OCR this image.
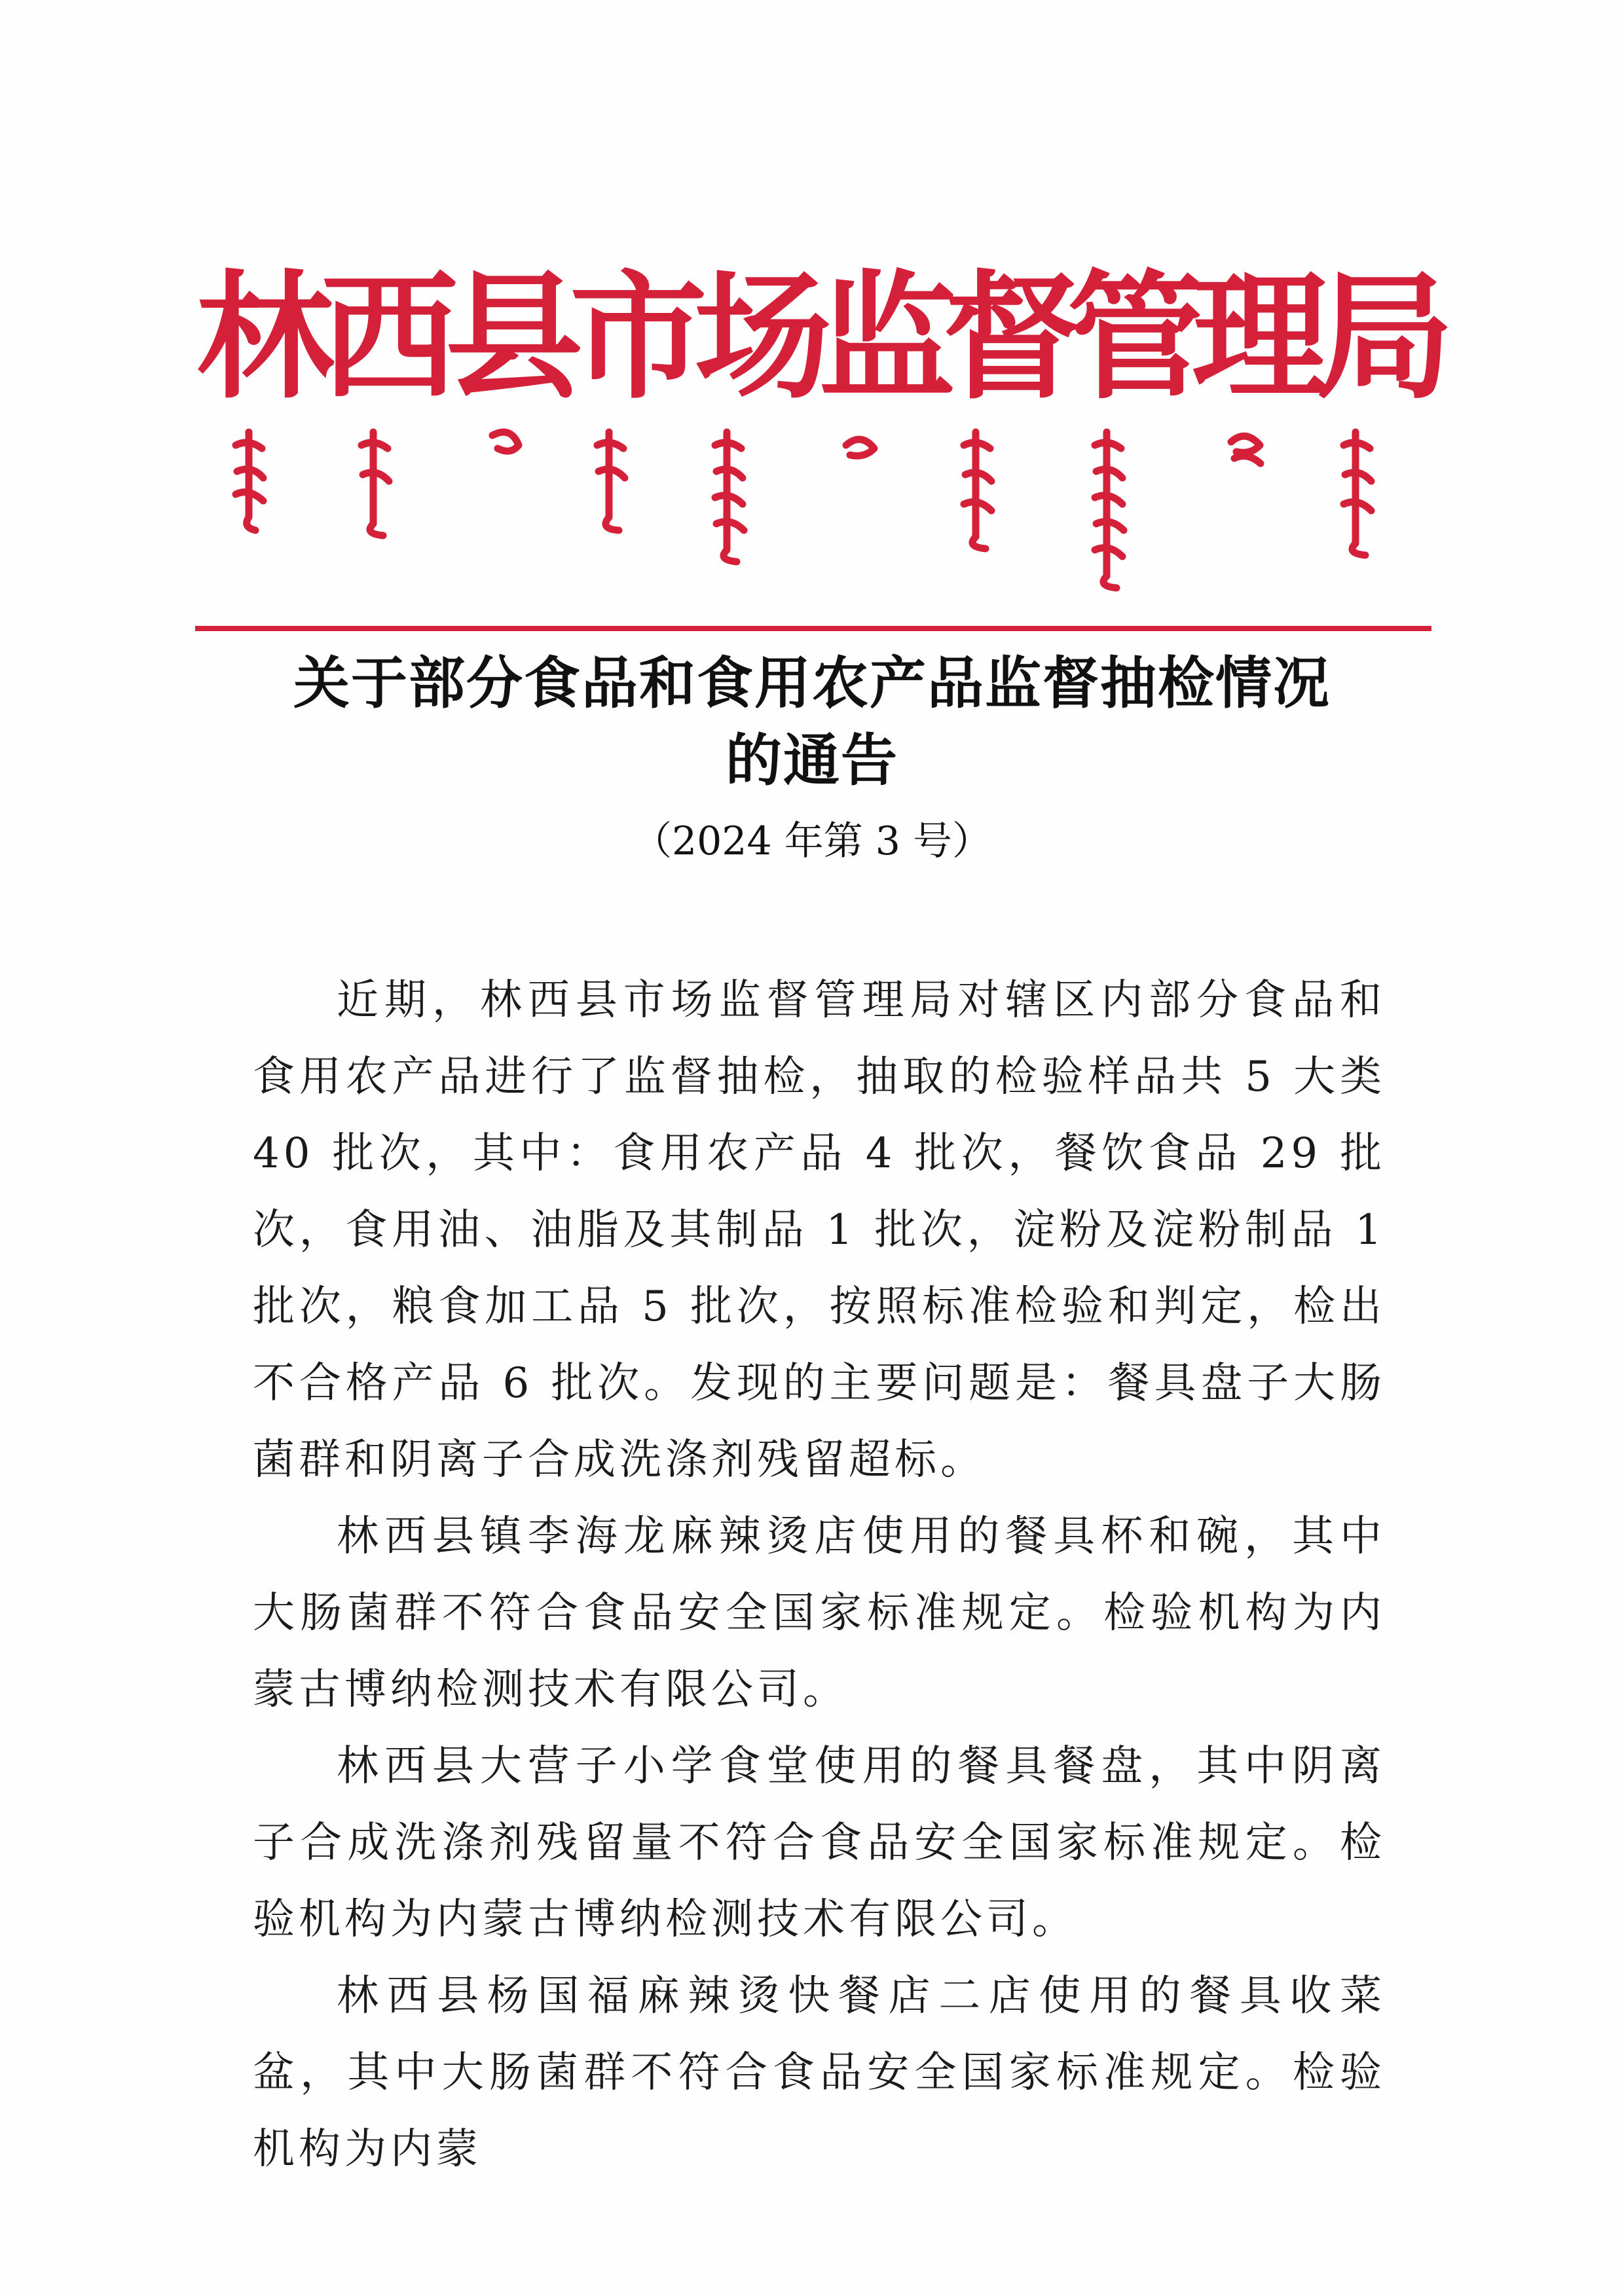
林
西
县
市
场
监
督
管
理
局
关于部分食品和食用农产品监督抽检情况
的通告
（2024 年第 3 号）

近期，林西县市场监督管理局对辖区内部分食品和食用农产品进行了监督抽检，抽取的检验样品共 5 大类 40 批次，其中：食用农产品 4 批次，餐饮食品 29 批次，食用油、油脂及其制品 1 批次，淀粉及淀粉制品 1 批次，粮食加工品 5 批次，按照标准检验和判定，检出不合格产品 6 批次。发现的主要问题是：餐具盘子大肠菌群和阴离子合成洗涤剂残留超标。

林西县镇李海龙麻辣烫店使用的餐具杯和碗，其中大肠菌群不符合食品安全国家标准规定。检验机构为内蒙古博纳检测技术有限公司。

林西县大营子小学食堂使用的餐具餐盘，其中阴离子合成洗涤剂残留量不符合食品安全国家标准规定。检验机构为内蒙古博纳检测技术有限公司。

林西县杨国福麻辣烫快餐店二店使用的餐具收菜盆，其中大肠菌群不符合食品安全国家标准规定。检验机构为内蒙
